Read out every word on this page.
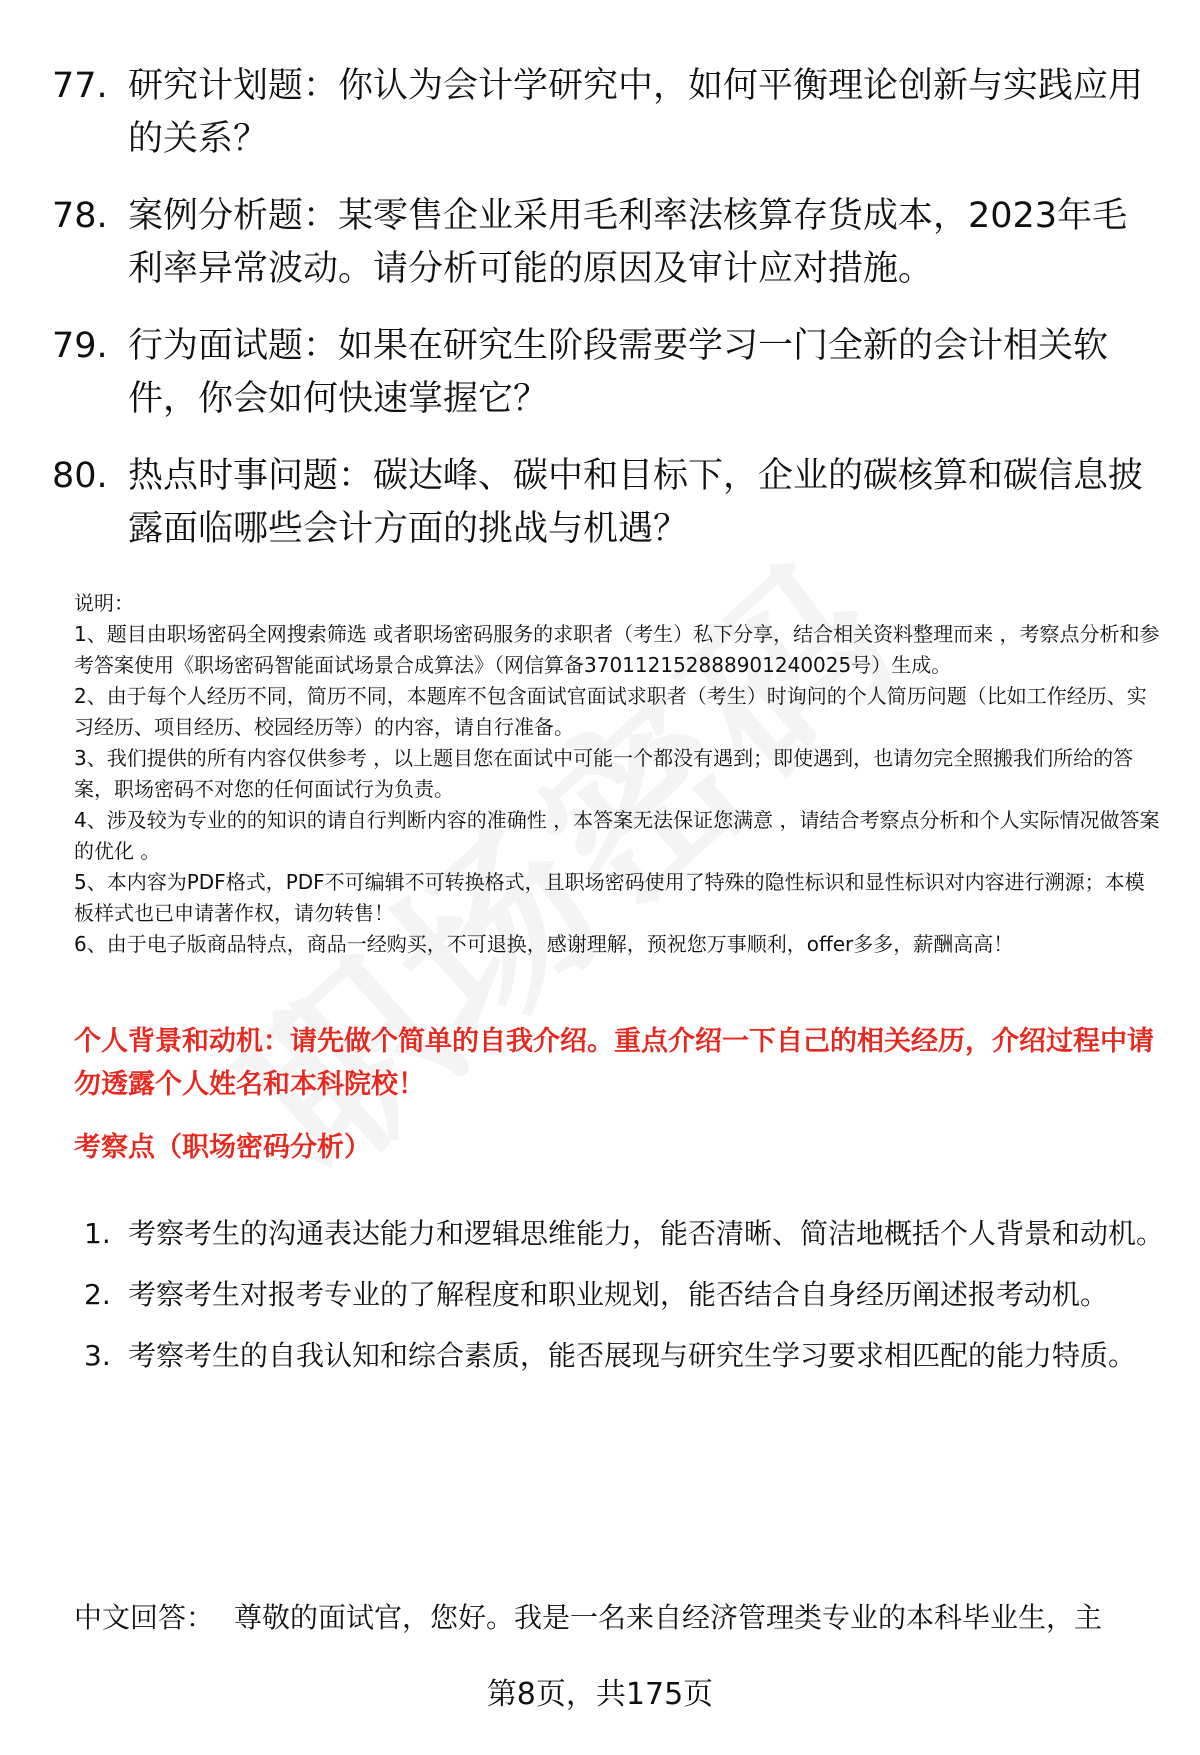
77. 研究计划题：你认为会计学研究中，如何平衡理论创新与实践应用的关系？
78. 案例分析题：某零售企业采用毛利率法核算存货成本，2023年毛利率异常波动。请分析可能的原因及审计应对措施。
79. 行为面试题：如果在研究生阶段需要学习一门全新的会计相关软件，你会如何快速掌握它？
80. 热点时事问题：碳达峰、碳中和目标下，企业的碳核算和碳信息披露面临哪些会计方面的挑战与机遇？

说明：

1、题目由职场密码全网搜索筛选 或者职场密码服务的求职者（考生）私下分享，结合相关资料整理而来 ，考察点分析和参考答案使用《职场密码智能面试场景合成算法》（网信算备370112152888901240025号）生成。

2、由于每个人经历不同，简历不同，本题库不包含面试官面试求职者（考生）时询问的个人简历问题（比如工作经历、实习经历、项目经历、校园经历等）的内容，请自行准备。

3、我们提供的所有内容仅供参考 ，以上题目您在面试中可能一个都没有遇到；即使遇到，也请勿完全照搬我们所给的答案，职场密码不对您的任何面试行为负责。

4、涉及较为专业的的知识的请自行判断内容的准确性 ，本答案无法保证您满意 ，请结合考察点分析和个人实际情况做答案的优化 。

5、本内容为PDF格式，PDF不可编辑不可转换格式，且职场密码使用了特殊的隐性标识和显性标识对内容进行溯源；本模板样式也已申请著作权，请勿转售！

6、由于电子版商品特点，商品一经购买，不可退换，感谢理解，预祝您万事顺利，offer多多，薪酬高高！

个人背景和动机：请先做个简单的自我介绍。重点介绍一下自己的相关经历，介绍过程中请勿透露个人姓名和本科院校！
考察点（职场密码分析）
1. 考察考生的沟通表达能力和逻辑思维能力，能否清晰、简洁地概括个人背景和动机。
2. 考察考生对报考专业的了解程度和职业规划，能否结合自身经历阐述报考动机。
3. 考察考生的自我认知和综合素质，能否展现与研究生学习要求相匹配的能力特质。
中文回答： 尊敬的面试官，您好。我是一名来自经济管理类专业的本科毕业生，主
第8页，共175页
